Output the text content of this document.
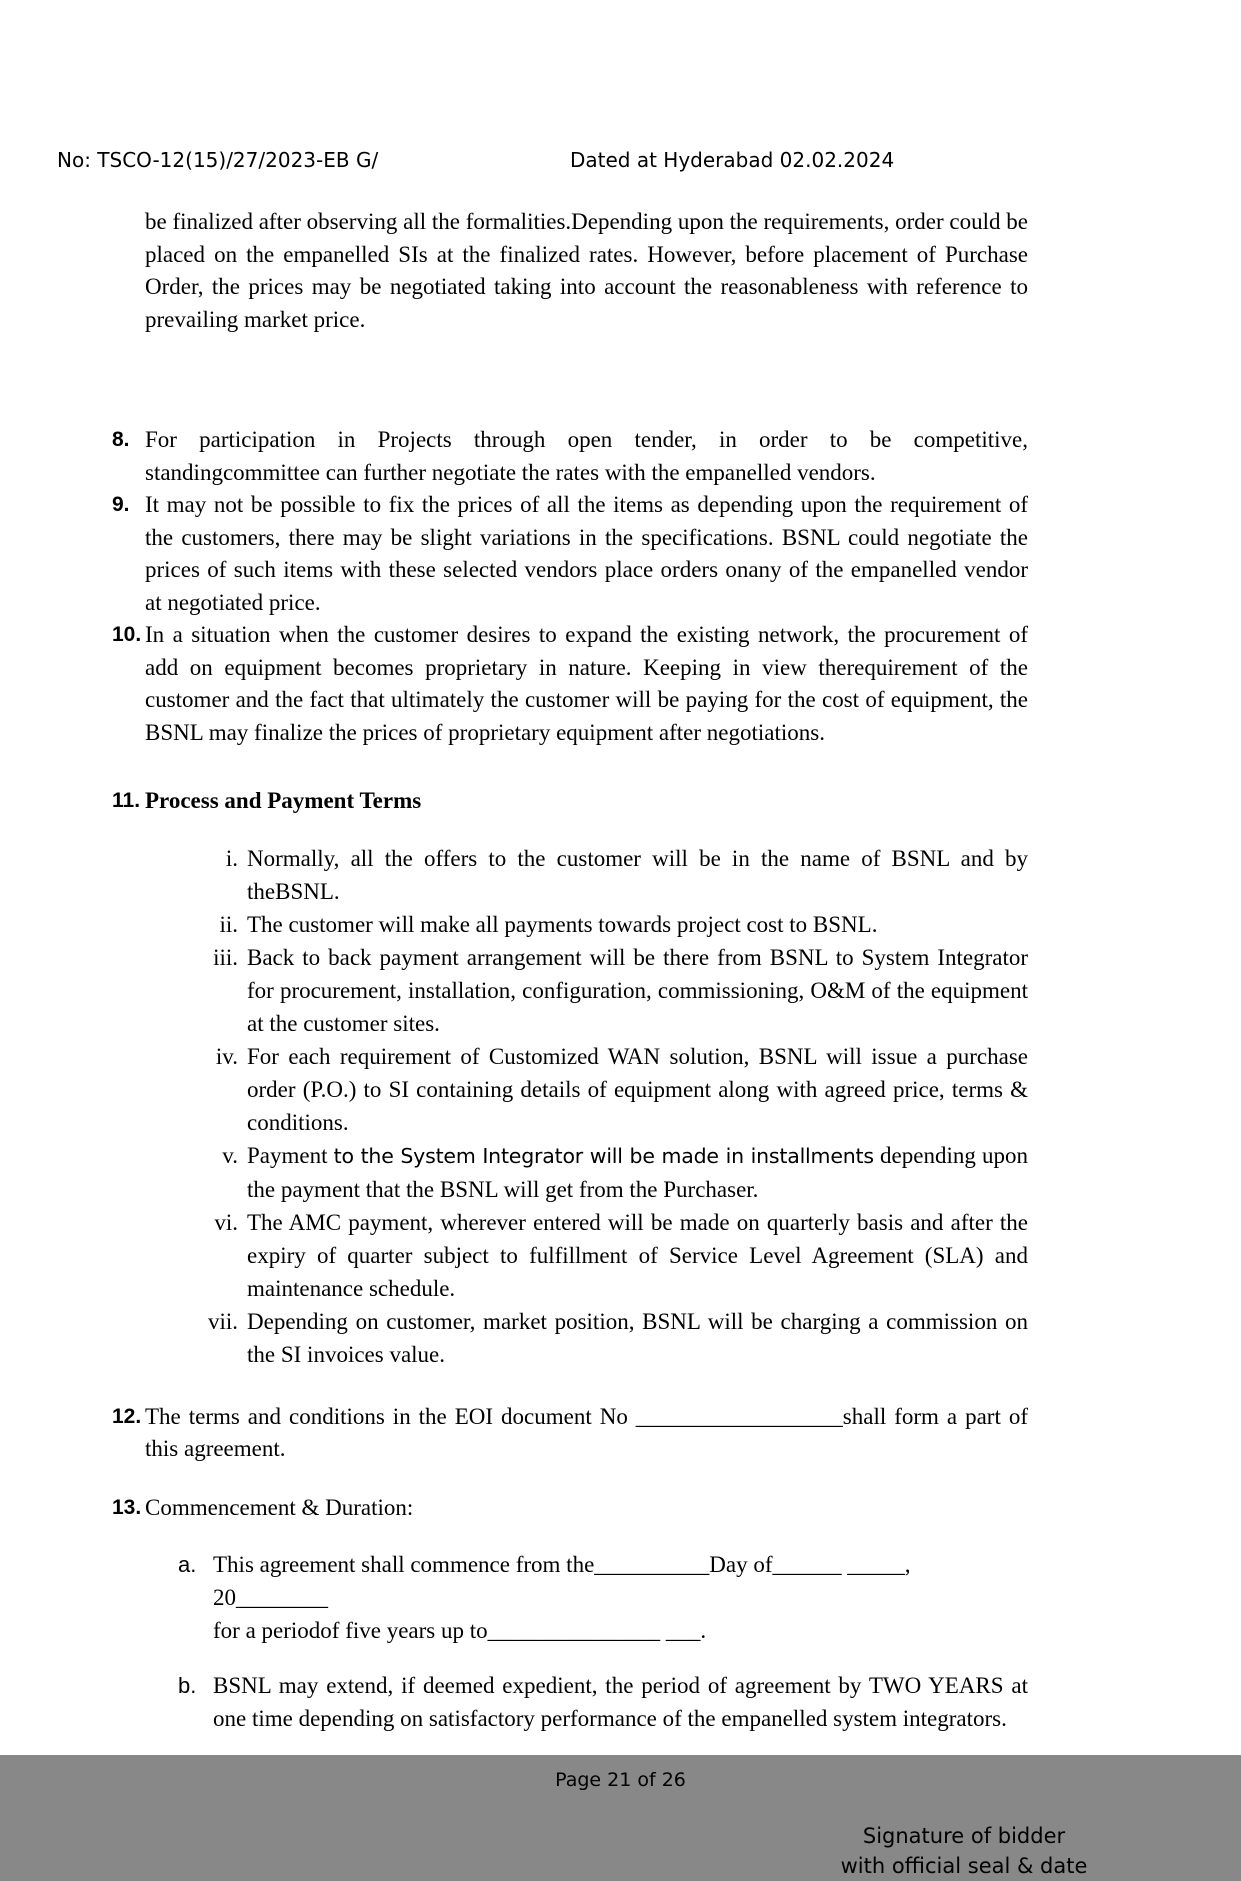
No: TSCO-12(15)/27/2023-EB G/	Dated at Hyderabad 02.02.2024

be finalized after observing all the formalities.Depending upon the requirements, order could be placed on the empanelled SIs at the finalized rates. However, before placement of Purchase Order, the prices may be negotiated taking into account the reasonableness with reference to prevailing market price.

8. For participation in Projects through open tender, in order to be competitive, standingcommittee can further negotiate the rates with the empanelled vendors.
9. It may not be possible to fix the prices of all the items as depending upon the requirement of the customers, there may be slight variations in the specifications. BSNL could negotiate the prices of such items with these selected vendors place orders onany of the empanelled vendor at negotiated price.
10. In a situation when the customer desires to expand the existing network, the procurement of add on equipment becomes proprietary in nature. Keeping in view therequirement of the customer and the fact that ultimately the customer will be paying for the cost of equipment, the BSNL may finalize the prices of proprietary equipment after negotiations.
11. Process and Payment Terms
i. Normally, all the offers to the customer will be in the name of BSNL and by theBSNL.
ii. The customer will make all payments towards project cost to BSNL.
iii. Back to back payment arrangement will be there from BSNL to System Integrator for procurement, installation, configuration, commissioning, O&M of the equipment at the customer sites.
iv. For each requirement of Customized WAN solution, BSNL will issue a purchase order (P.O.) to SI containing details of equipment along with agreed price, terms & conditions.
v. Payment to the System Integrator will be made in installments depending upon the payment that the BSNL will get from the Purchaser.
vi. The AMC payment, wherever entered will be made on quarterly basis and after the expiry of quarter subject to fulfillment of Service Level Agreement (SLA) and maintenance schedule.
vii. Depending on customer, market position, BSNL will be charging a commission on the SI invoices value.
12. The terms and conditions in the EOI document No __________________shall form a part of this agreement.
13. Commencement & Duration:
a. This agreement shall commence from the__________Day of______ _____, 20________
for a periodof five years up to_______________ ___.
b. BSNL may extend, if deemed expedient, the period of agreement by TWO YEARS at one time depending on satisfactory performance of the empanelled system integrators.
Page 21 of 26
Signature of bidder
with official seal & date
